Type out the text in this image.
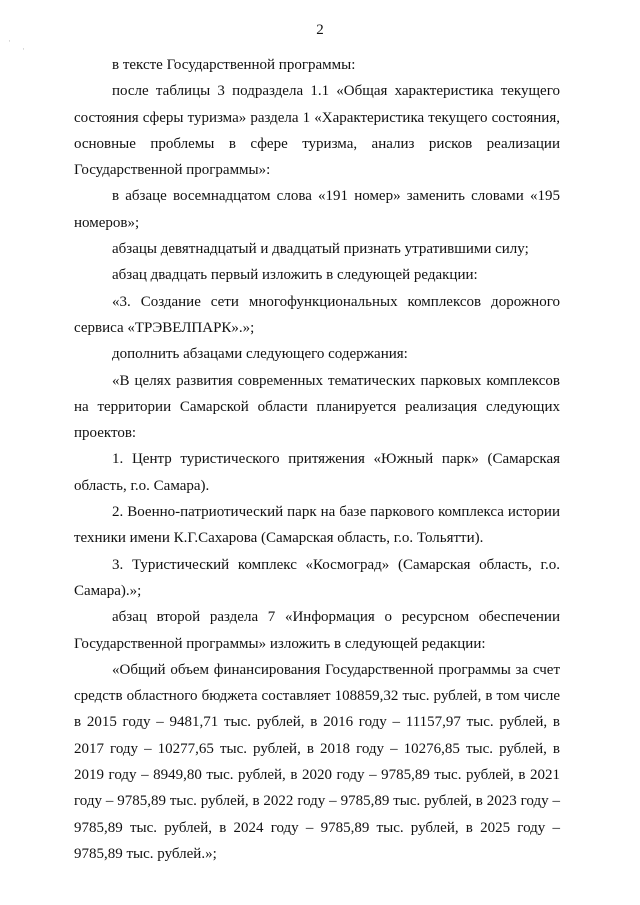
·
·
2

в тексте Государственной программы:

после таблицы 3 подраздела 1.1 «Общая характеристика текущего состояния сферы туризма» раздела 1 «Характеристика текущего состояния, основные проблемы в сфере туризма, анализ рисков реализации Государственной программы»:

в абзаце восемнадцатом слова «191 номер» заменить словами «195 номеров»;

абзацы девятнадцатый и двадцатый признать утратившими силу;

абзац двадцать первый изложить в следующей редакции:

«3. Создание сети многофункциональных комплексов дорожного сервиса «ТРЭВЕЛПАРК».»;

дополнить абзацами следующего содержания:

«В целях развития современных тематических парковых комплексов на территории Самарской области планируется реализация следующих проектов:

1. Центр туристического притяжения «Южный парк» (Самарская область, г.о. Самара).

2. Военно-патриотический парк на базе паркового комплекса истории техники имени К.Г.Сахарова (Самарская область, г.о. Тольятти).

3. Туристический комплекс «Космоград» (Самарская область, г.о. Самара).»;

абзац второй раздела 7 «Информация о ресурсном обеспечении Государственной программы» изложить в следующей редакции:

«Общий объем финансирования Государственной программы за счет средств областного бюджета составляет 108859,32 тыс. рублей, в том числе в 2015 году – 9481,71 тыс. рублей, в 2016 году – 11157,97 тыс. рублей, в 2017 году – 10277,65 тыс. рублей, в 2018 году – 10276,85 тыс. рублей, в 2019 году – 8949,80 тыс. рублей, в 2020 году – 9785,89 тыс. рублей, в 2021 году – 9785,89 тыс. рублей, в 2022 году – 9785,89 тыс. рублей, в 2023 году – 9785,89 тыс. рублей, в 2024 году – 9785,89 тыс. рублей, в 2025 году – 9785,89 тыс. рублей.»;
